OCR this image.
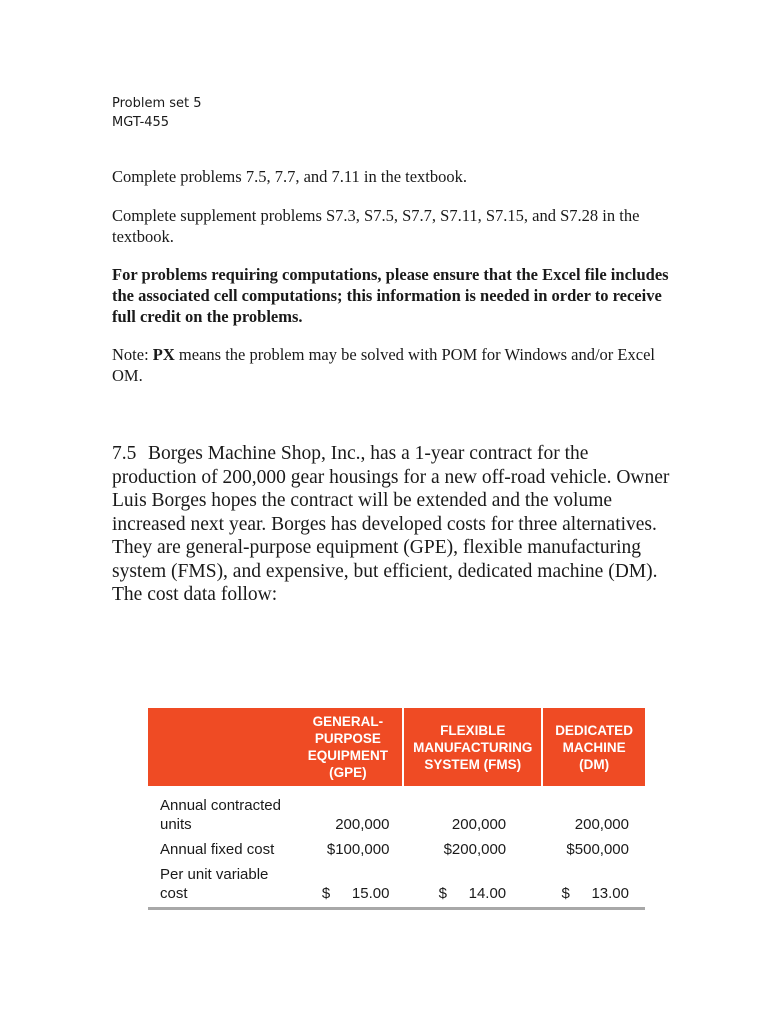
Problem set 5
MGT-455
Complete problems 7.5, 7.7, and 7.11 in the textbook.
Complete supplement problems S7.3, S7.5, S7.7, S7.11, S7.15, and S7.28 in the textbook.
For problems requiring computations, please ensure that the Excel file includes the associated cell computations; this information is needed in order to receive full credit on the problems.
Note: PX means the problem may be solved with POM for Windows and/or Excel OM.
7.5 Borges Machine Shop, Inc., has a 1-year contract for the production of 200,000 gear housings for a new off-road vehicle. Owner Luis Borges hopes the contract will be extended and the volume increased next year. Borges has developed costs for three alternatives. They are general-purpose equipment (GPE), flexible manufacturing system (FMS), and expensive, but efficient, dedicated machine (DM). The cost data follow:
	GENERAL-
PURPOSE
EQUIPMENT
(GPE)	FLEXIBLE
MANUFACTURING
SYSTEM (FMS)	DEDICATED
MACHINE
(DM)
Annual contracted
units	200,000	200,000	200,000
Annual fixed cost	$100,000	$200,000	$500,000
Per unit variable
cost	$ 15.00	$ 14.00	$ 13.00
